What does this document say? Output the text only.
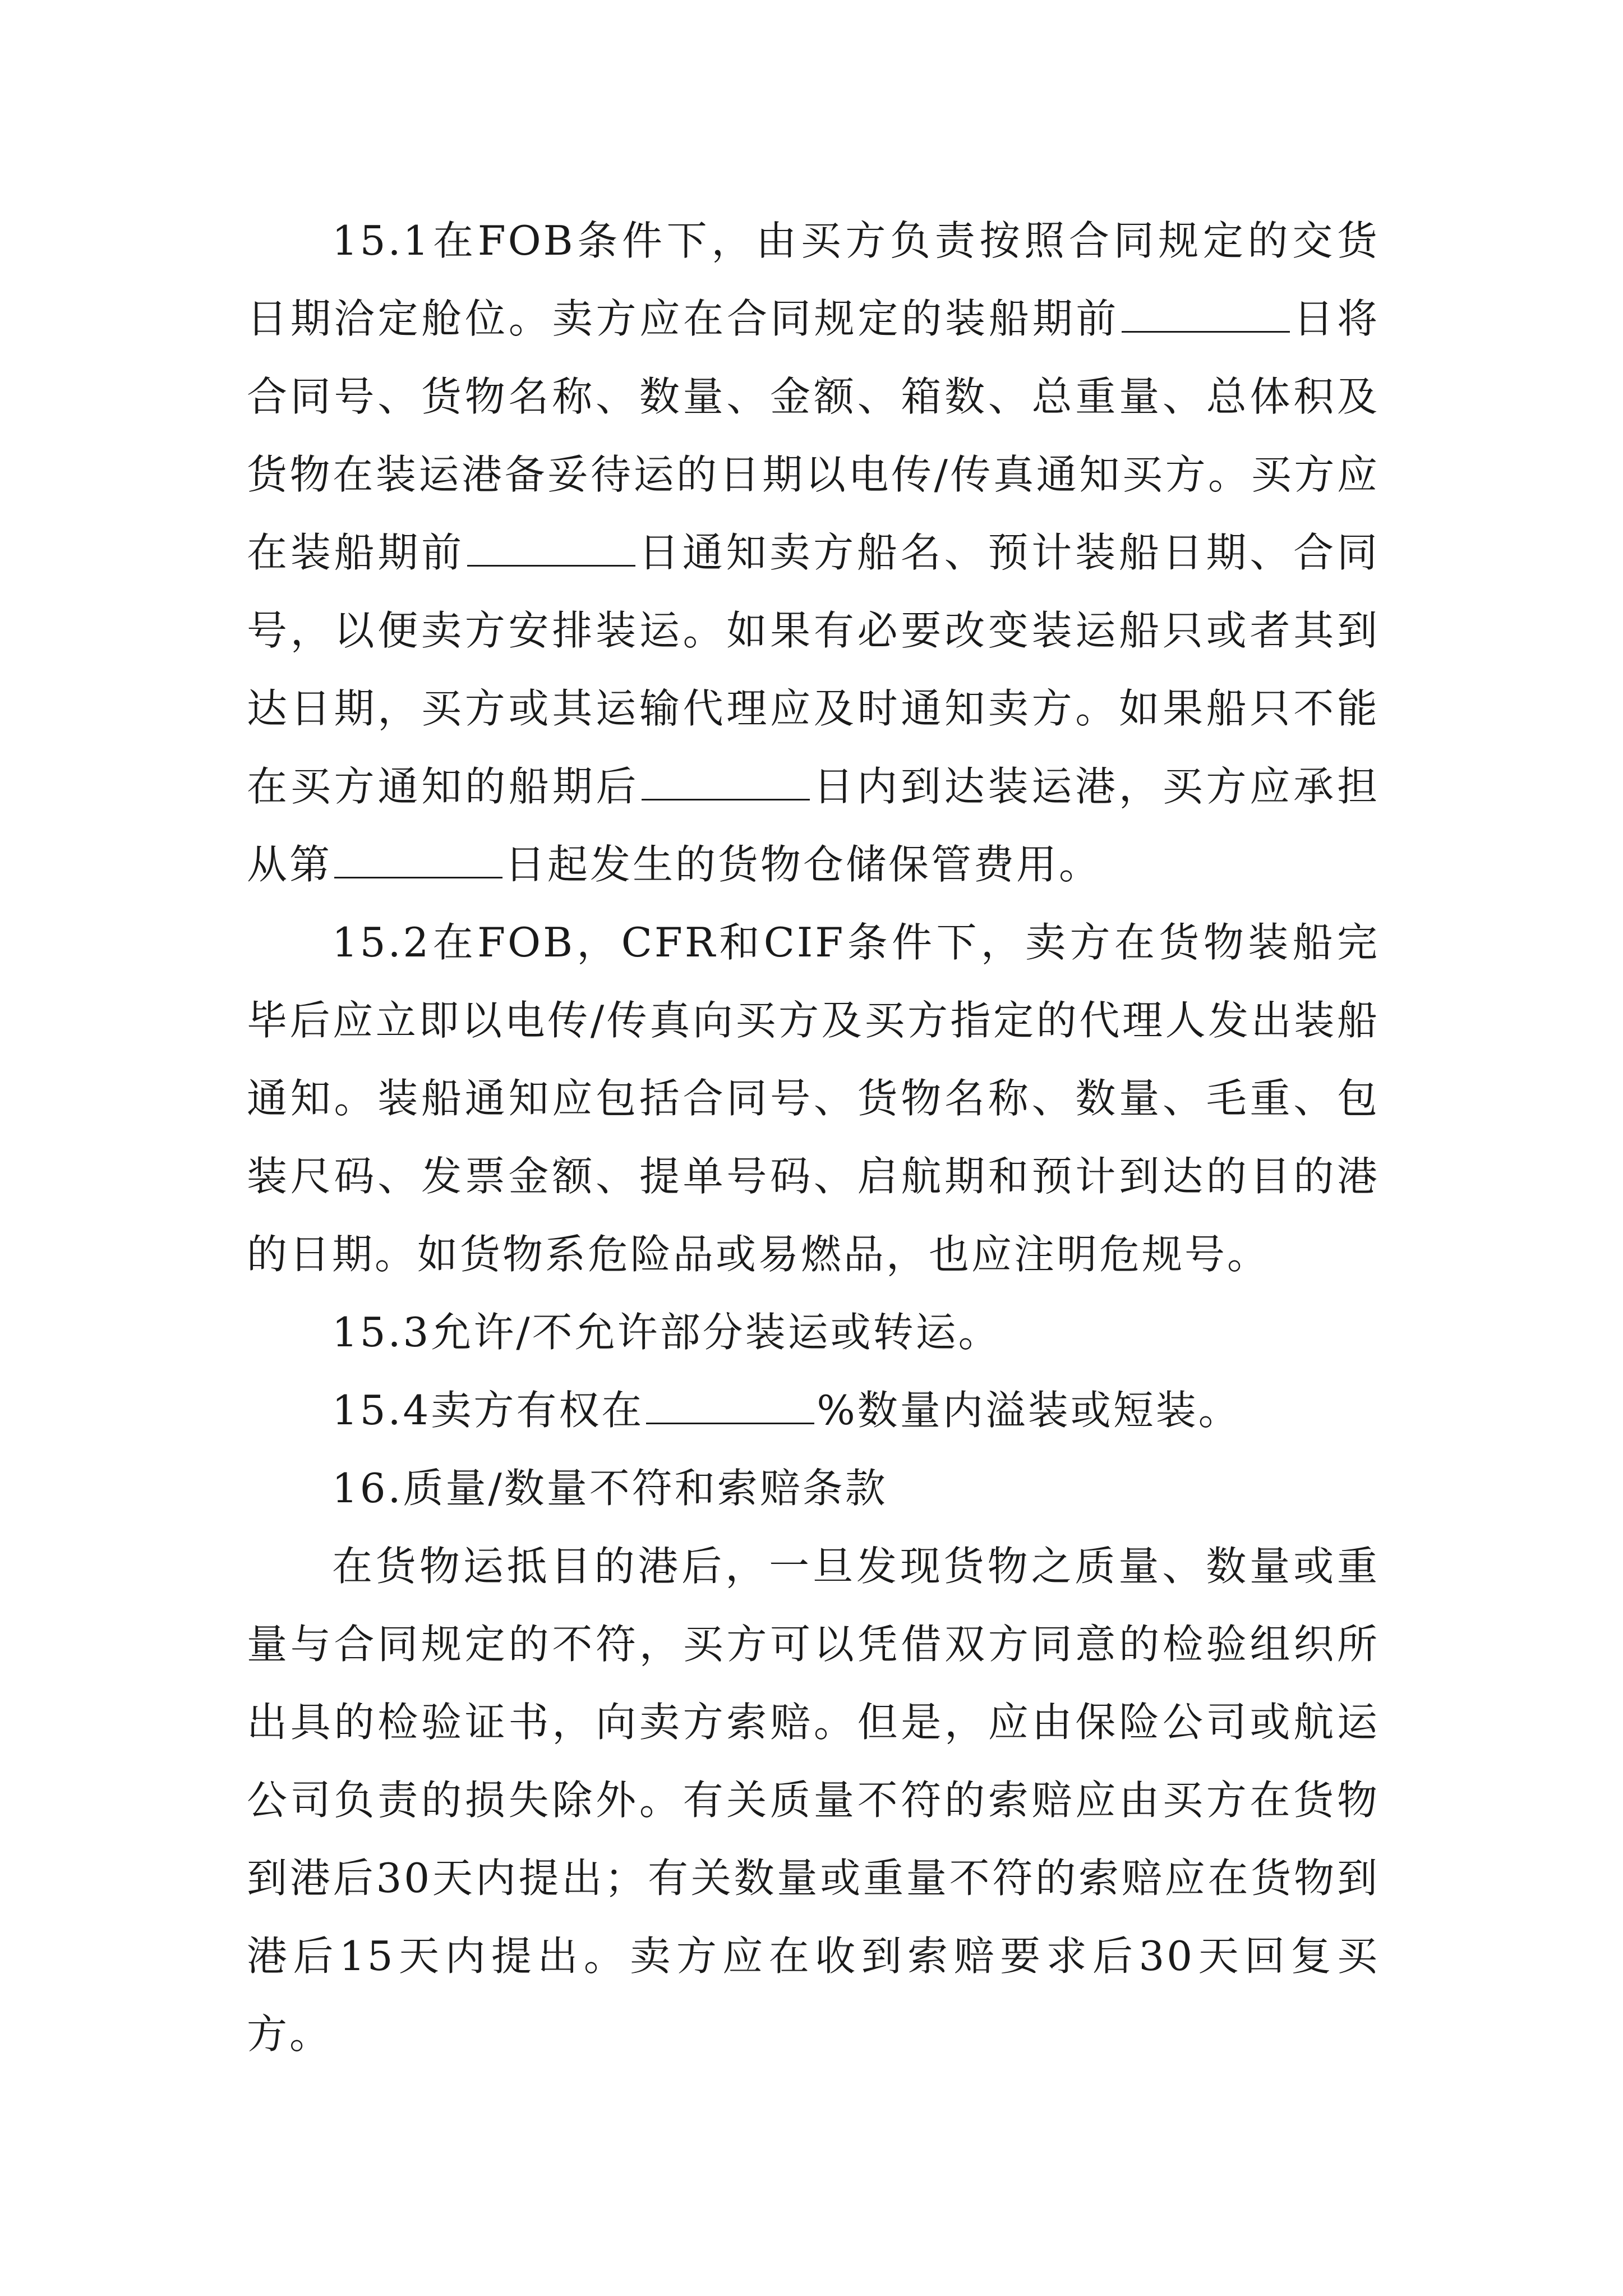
15.1在FOB条件下，由买方负责按照合同规定的交货日期洽定舱位。卖方应在合同规定的装船期前	日将合同号、货物名称、数量、金额、箱数、总重量、总体积及货物在装运港备妥待运的日期以电传/传真通知买方。买方应在装船期前	日通知卖方船名、预计装船日期、合同号，以便卖方安排装运。如果有必要改变装运船只或者其到达日期，买方或其运输代理应及时通知卖方。如果船只不能在买方通知的船期后	日内到达装运港，买方应承担从第	日起发生的货物仓储保管费用。

15.2在FOB，CFR和CIF条件下，卖方在货物装船完毕后应立即以电传/传真向买方及买方指定的代理人发出装船通知。装船通知应包括合同号、货物名称、数量、毛重、包装尺码、发票金额、提单号码、启航期和预计到达的目的港的日期。如货物系危险品或易燃品，也应注明危规号。

15.3允许/不允许部分装运或转运。

15.4卖方有权在	%数量内溢装或短装。

16.质量/数量不符和索赔条款

在货物运抵目的港后，一旦发现货物之质量、数量或重量与合同规定的不符，买方可以凭借双方同意的检验组织所出具的检验证书，向卖方索赔。但是，应由保险公司或航运公司负责的损失除外。有关质量不符的索赔应由买方在货物到港后30天内提出；有关数量或重量不符的索赔应在货物到港后15天内提出。卖方应在收到索赔要求后30天回复买方。
